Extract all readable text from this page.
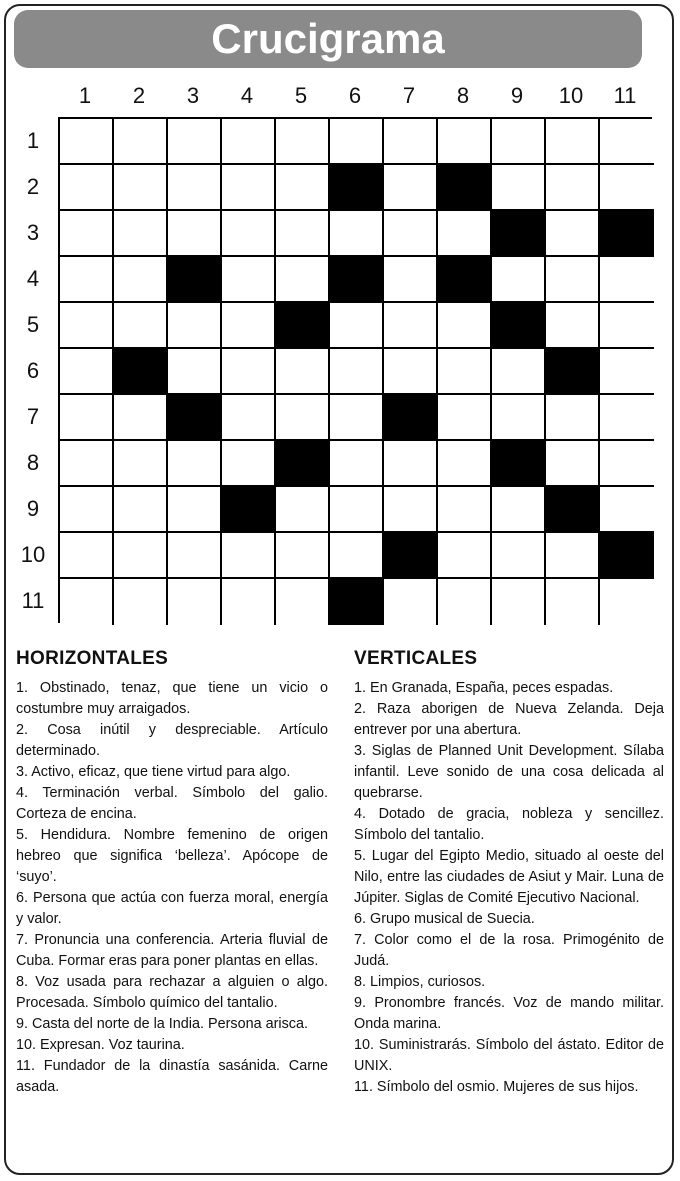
Crucigrama
1	2	3	4	5	6	7	8	9	10	11
1
2
3
4
5
6
7
8
9
10
11
HORIZONTALES

1. Obstinado, tenaz, que tiene un vicio o costumbre muy arraigados.

2. Cosa inútil y despreciable. Artículo determinado.

3. Activo, eficaz, que tiene virtud para algo.

4. Terminación verbal. Símbolo del galio. Corteza de encina.

5. Hendidura. Nombre femenino de origen hebreo que significa ‘belleza’. Apócope de ‘suyo’.

6. Persona que actúa con fuerza moral, energía y valor.

7. Pronuncia una conferencia. Arteria fluvial de Cuba. Formar eras para poner plantas en ellas.

8. Voz usada para rechazar a alguien o algo. Procesada. Símbolo químico del tantalio.

9. Casta del norte de la India. Persona arisca.

10. Expresan. Voz taurina.

11. Fundador de la dinastía sasánida. Carne asada.

VERTICALES

1. En Granada, España, peces espadas.

2. Raza aborigen de Nueva Zelanda. Deja entrever por una abertura.

3. Siglas de Planned Unit Development. Sílaba infantil. Leve sonido de una cosa delicada al quebrarse.

4. Dotado de gracia, nobleza y sencillez. Símbolo del tantalio.

5. Lugar del Egipto Medio, situado al oeste del Nilo, entre las ciudades de Asiut y Mair. Luna de Júpiter. Siglas de Comité Ejecutivo Nacional.

6. Grupo musical de Suecia.

7. Color como el de la rosa. Primogénito de Judá.

8. Limpios, curiosos.

9. Pronombre francés. Voz de mando militar. Onda marina.

10. Suministrarás. Símbolo del ástato. Editor de UNIX.

11. Símbolo del osmio. Mujeres de sus hijos.
